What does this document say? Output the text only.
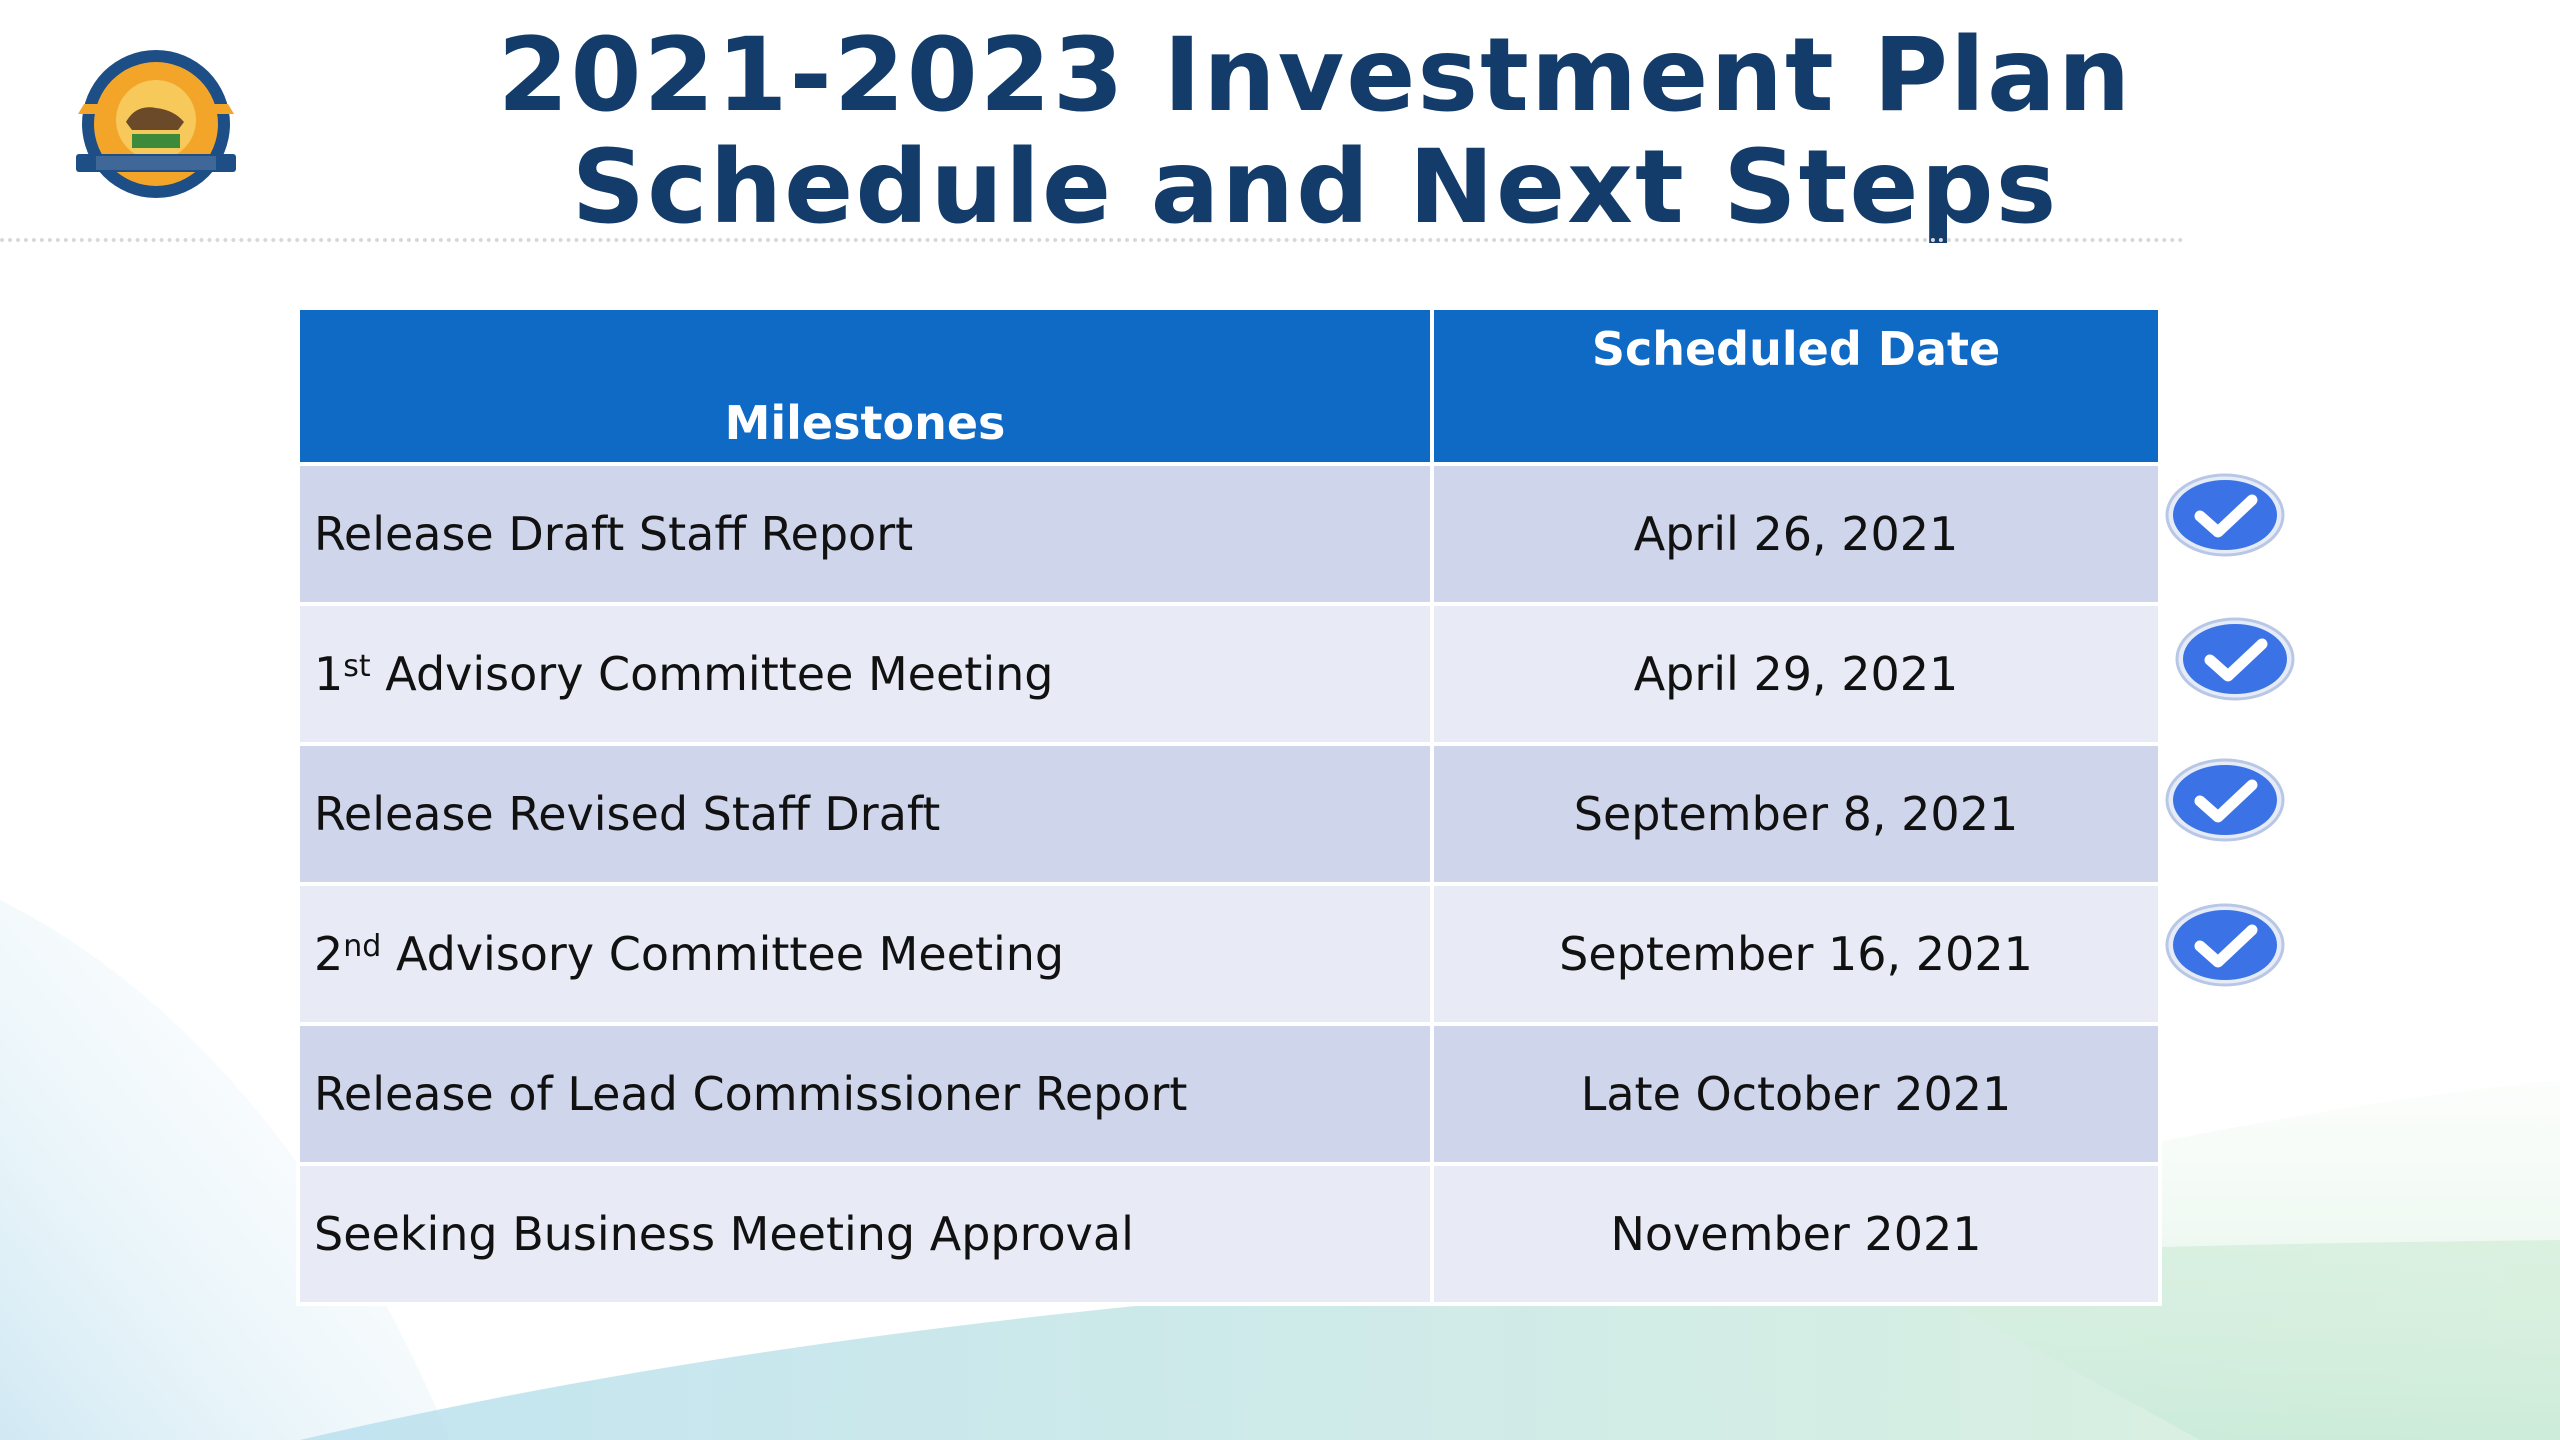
2021-2023 Investment Plan
Schedule and Next Steps
Milestones	Scheduled Date
Release Draft Staff Report	April 26, 2021
1st Advisory Committee Meeting	April 29, 2021
Release Revised Staff Draft	September 8, 2021
2nd Advisory Committee Meeting	September 16, 2021
Release of Lead Commissioner Report	Late October 2021
Seeking Business Meeting Approval	November 2021
